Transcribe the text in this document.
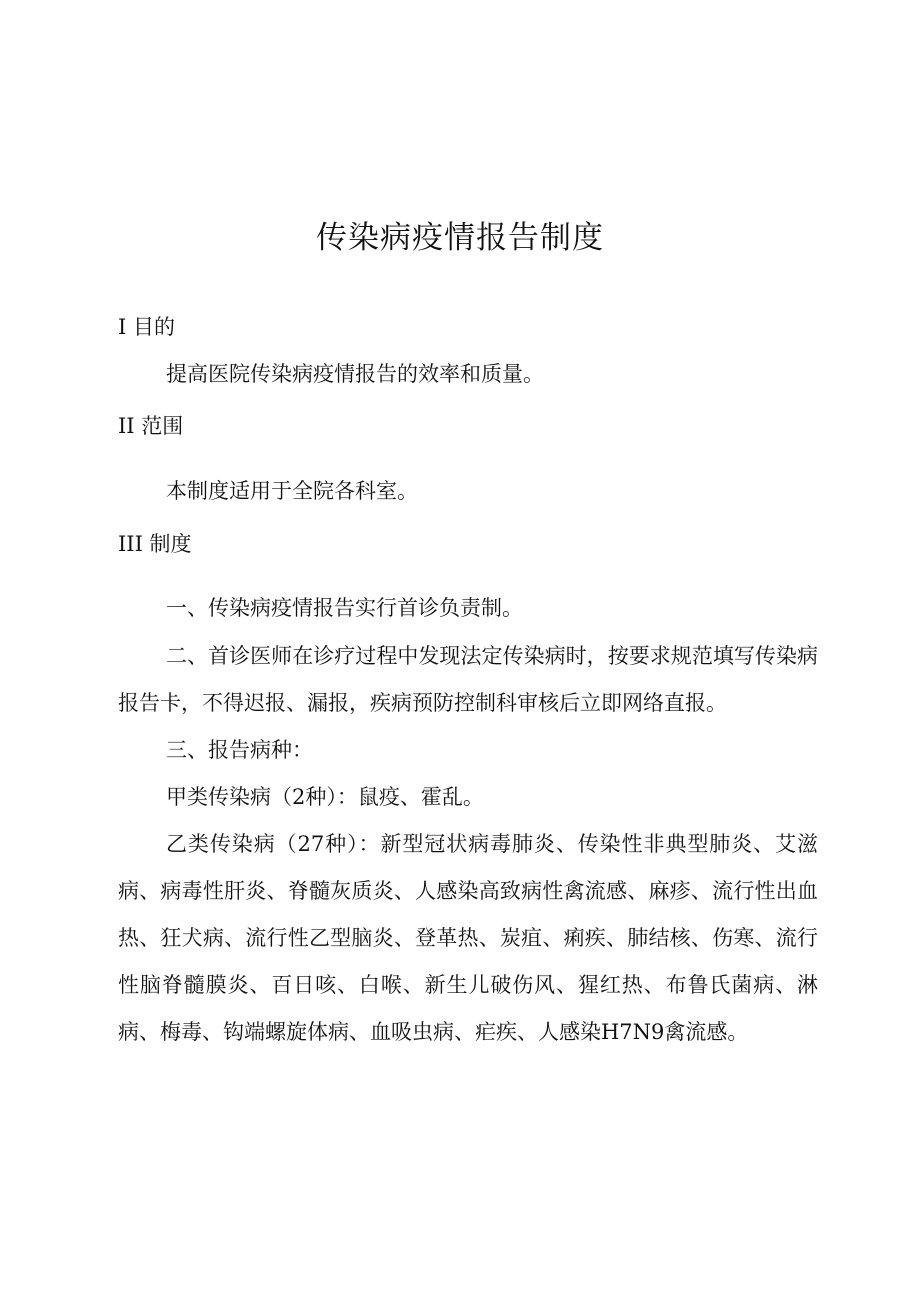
传染病疫情报告制度

I 目的

提高医院传染病疫情报告的效率和质量。

II 范围

本制度适用于全院各科室。

III 制度

一、传染病疫情报告实行首诊负责制。

二、首诊医师在诊疗过程中发现法定传染病时，按要求规范填写传染病报告卡，不得迟报、漏报，疾病预防控制科审核后立即网络直报。

三、报告病种：

甲类传染病（2种）：鼠疫、霍乱。

乙类传染病（27种）：新型冠状病毒肺炎、传染性非典型肺炎、艾滋病、病毒性肝炎、脊髓灰质炎、人感染高致病性禽流感、麻疹、流行性出血热、狂犬病、流行性乙型脑炎、登革热、炭疽、痢疾、肺结核、伤寒、流行性脑脊髓膜炎、百日咳、白喉、新生儿破伤风、猩红热、布鲁氏菌病、淋病、梅毒、钩端螺旋体病、血吸虫病、疟疾、人感染H7N9禽流感。
